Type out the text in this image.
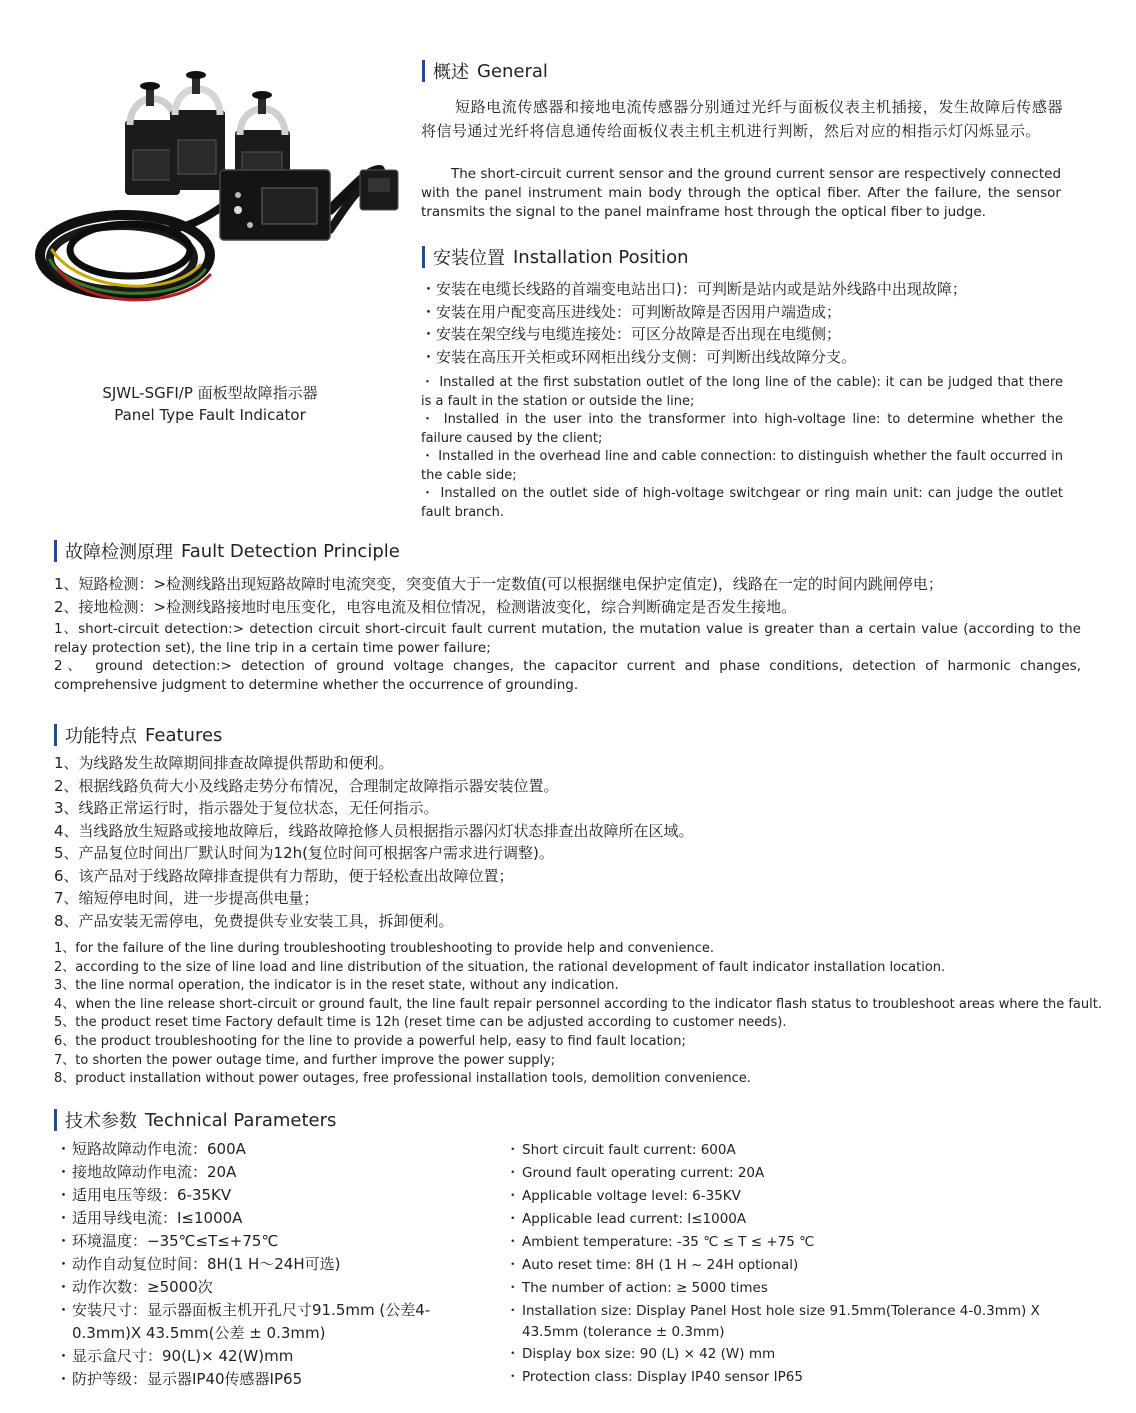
SJWL-SGFI/P 面板型故障指示器
Panel Type Fault Indicator
概述 General
短路电流传感器和接地电流传感器分别通过光纤与面板仪表主机插接，发生故障后传感器将信号通过光纤将信息通传给面板仪表主机主机进行判断，然后对应的相指示灯闪烁显示。
The short-circuit current sensor and the ground current sensor are respectively connected with the panel instrument main body through the optical fiber. After the failure, the sensor transmits the signal to the panel mainframe host through the optical fiber to judge.
安装位置 Installation Position
・安装在电缆长线路的首端变电站出口)：可判断是站内或是站外线路中出现故障；
・安装在用户配变高压进线处：可判断故障是否因用户端造成；
・安装在架空线与电缆连接处：可区分故障是否出现在电缆侧；
・安装在高压开关柜或环网柜出线分支侧：可判断出线故障分支。
・ Installed at the first substation outlet of the long line of the cable): it can be judged that there is a fault in the station or outside the line;
・ Installed in the user into the transformer into high-voltage line: to determine whether the failure caused by the client;
・ Installed in the overhead line and cable connection: to distinguish whether the fault occurred in the cable side;
・ Installed on the outlet side of high-voltage switchgear or ring main unit: can judge the outlet fault branch.
故障检测原理 Fault Detection Principle
1、短路检测：>检测线路出现短路故障时电流突变，突变值大于一定数值(可以根据继电保护定值定)，线路在一定的时间内跳闸停电；
2、接地检测：>检测线路接地时电压变化，电容电流及相位情况，检测谐波变化，综合判断确定是否发生接地。
1、short-circuit detection:> detection circuit short-circuit fault current mutation, the mutation value is greater than a certain value (according to the relay protection set), the line trip in a certain time power failure;
2、 ground detection:> detection of ground voltage changes, the capacitor current and phase conditions, detection of harmonic changes, comprehensive judgment to determine whether the occurrence of grounding.
功能特点 Features
1、为线路发生故障期间排查故障提供帮助和便利。
2、根据线路负荷大小及线路走势分布情况，合理制定故障指示器安装位置。
3、线路正常运行时，指示器处于复位状态，无任何指示。
4、当线路放生短路或接地故障后，线路故障抢修人员根据指示器闪灯状态排查出故障所在区域。
5、产品复位时间出厂默认时间为12h(复位时间可根据客户需求进行调整)。
6、该产品对于线路故障排查提供有力帮助，便于轻松查出故障位置；
7、缩短停电时间，进一步提高供电量；
8、产品安装无需停电，免费提供专业安装工具，拆卸便利。
1、for the failure of the line during troubleshooting troubleshooting to provide help and convenience.
2、according to the size of line load and line distribution of the situation, the rational development of fault indicator installation location.
3、the line normal operation, the indicator is in the reset state, without any indication.
4、when the line release short-circuit or ground fault, the line fault repair personnel according to the indicator flash status to troubleshoot areas where the fault.
5、the product reset time Factory default time is 12h (reset time can be adjusted according to customer needs).
6、the product troubleshooting for the line to provide a powerful help, easy to find fault location;
7、to shorten the power outage time, and further improve the power supply;
8、product installation without power outages, free professional installation tools, demolition convenience.
技术参数 Technical Parameters
・ 短路故障动作电流：600A
・ 接地故障动作电流：20A
・ 适用电压等级：6-35KV
・ 适用导线电流：I≤1000A
・ 环境温度：−35℃≤T≤+75℃
・ 动作自动复位时间：8H(1 H～24H可选)
・ 动作次数：≥5000次
・ 安装尺寸：显示器面板主机开孔尺寸91.5mm (公差4-0.3mm)X 43.5mm(公差 ± 0.3mm)
・ 显示盒尺寸：90(L)× 42(W)mm
・ 防护等级：显示器IP40传感器IP65
・ Short circuit fault current: 600A
・ Ground fault operating current: 20A
・ Applicable voltage level: 6-35KV
・ Applicable lead current: I≤1000A
・ Ambient temperature: -35 ℃ ≤ T ≤ +75 ℃
・ Auto reset time: 8H (1 H ~ 24H optional)
・ The number of action: ≥ 5000 times
・ Installation size: Display Panel Host hole size 91.5mm(Tolerance 4-0.3mm) X 43.5mm (tolerance ± 0.3mm)
・ Display box size: 90 (L) × 42 (W) mm
・ Protection class: Display IP40 sensor IP65
